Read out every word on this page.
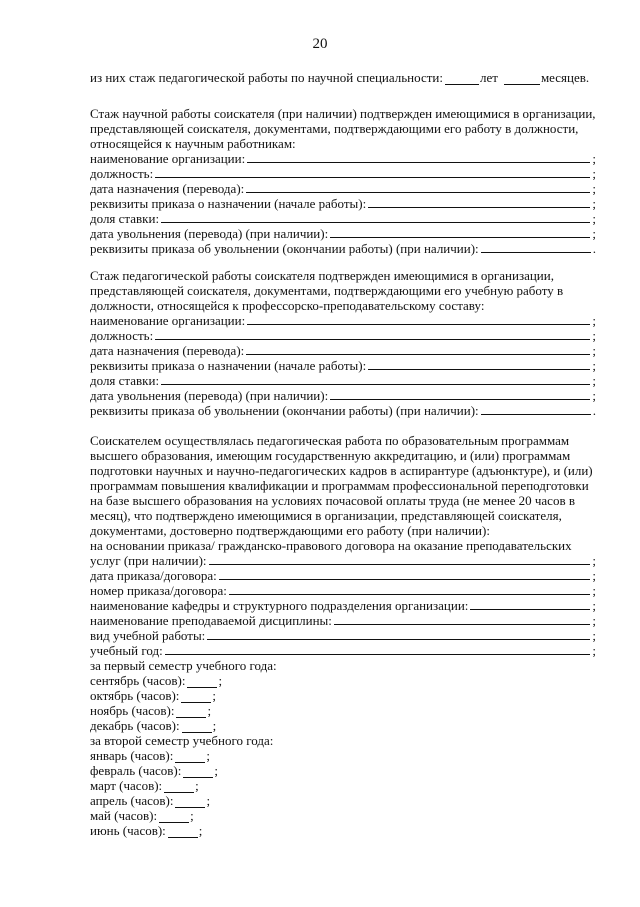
20
из них стаж педагогической работы по научной специальности:	лет	месяцев.
Стаж научной работы соискателя (при наличии) подтвержден имеющимися в организации,
представляющей соискателя, документами, подтверждающими его работу в должности,
относящейся к научным работникам:
наименование организации:	;
должность:	;
дата назначения (перевода):	;
реквизиты приказа о назначении (начале работы):	;
доля ставки:	;
дата увольнения (перевода) (при наличии):	;
реквизиты приказа об увольнении (окончании работы) (при наличии):	.
Стаж педагогической работы соискателя подтвержден имеющимися в организации,
представляющей соискателя, документами, подтверждающими его учебную работу в
должности, относящейся к профессорско-преподавательскому составу:
наименование организации:	;
должность:	;
дата назначения (перевода):	;
реквизиты приказа о назначении (начале работы):	;
доля ставки:	;
дата увольнения (перевода) (при наличии):	;
реквизиты приказа об увольнении (окончании работы) (при наличии):	.
Соискателем осуществлялась педагогическая работа по образовательным программам
высшего образования, имеющим государственную аккредитацию, и (или) программам
подготовки научных и научно-педагогических кадров в аспирантуре (адъюнктуре), и (или)
программам повышения квалификации и программам профессиональной переподготовки
на базе высшего образования на условиях почасовой оплаты труда (не менее 20 часов в
месяц), что подтверждено имеющимися в организации, представляющей соискателя,
документами, достоверно подтверждающими его работу (при наличии):
на основании приказа/ гражданско-правового договора на оказание преподавательских
услуг (при наличии):	;
дата приказа/договора:	;
номер приказа/договора:	;
наименование кафедры и структурного подразделения организации:	;
наименование преподаваемой дисциплины:	;
вид учебной работы:	;
учебный год:	;
за первый семестр учебного года:
сентябрь (часов):	;
октябрь (часов):	;
ноябрь (часов):	;
декабрь (часов):	;
за второй семестр учебного года:
январь (часов):	;
февраль (часов):	;
март (часов):	;
апрель (часов):	;
май (часов):	;
июнь (часов):	;
